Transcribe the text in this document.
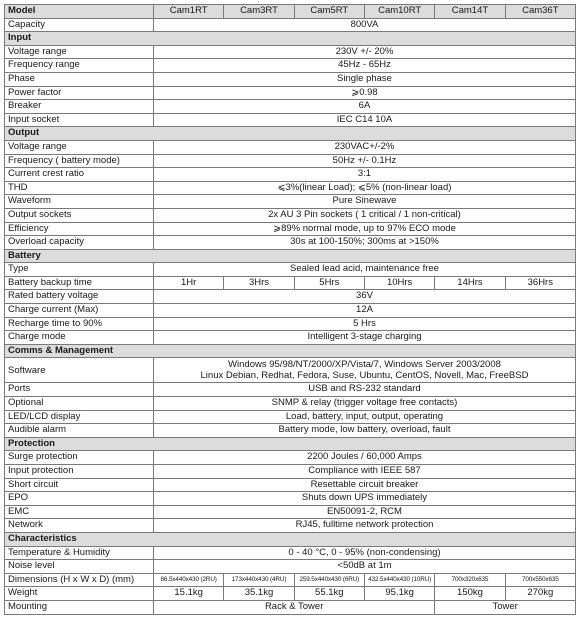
Model	Cam1RT	Cam3RT	Cam5RT	Cam10RT	Cam14T	Cam36T
Capacity	800VA					
Input						
Voltage range	230V +/- 20%					
Frequency range	45Hz - 65Hz					
Phase	Single phase					
Power factor	⩾0.98					
Breaker	6A					
Input socket	IEC C14 10A					
Output						
Voltage range	230VAC+/-2%					
Frequency ( battery mode)	50Hz +/- 0.1Hz					
Current crest ratio	3:1					
THD	⩽3%(linear Load); ⩽5% (non-linear load)					
Waveform	Pure Sinewave					
Output sockets	2x AU 3 Pin sockets ( 1 critical / 1 non-critical)					
Efficiency	⩾89% normal mode, up to 97% ECO mode					
Overload capacity	30s at 100-150%; 300ms at >150%					
Battery						
Type	Sealed lead acid, maintenance free					
Battery backup time	1Hr	3Hrs	5Hrs	10Hrs	14Hrs	36Hrs
Rated battery voltage	36V					
Charge current (Max)	12A					
Recharge time to 90%	5 Hrs					
Charge mode	Intelligent 3-stage charging					
Comms & Management						
Software	Windows 95/98/NT/2000/XP/Vista/7, Windows Server 2003/2008
Linux Debian, Redhat, Fedora, Suse, Ubuntu, CentOS, Novell, Mac, FreeBSD					

Ports	USB and RS-232 standard					
Optional	SNMP & relay (trigger voltage free contacts)					
LED/LCD display	Load, battery, input, output, operating					
Audible alarm	Battery mode, low battery, overload, fault					
Protection						
Surge protection	2200 Joules / 60,000 Amps					
Input protection	Compliance with IEEE 587					
Short circuit	Resettable circuit breaker					
EPO	Shuts down UPS immediately					
EMC	EN50091-2, RCM					
Network	RJ45, fulltime network protection					
Characteristics						
Temperature & Humidity	0 - 40 °C, 0 - 95% (non-condensing)					
Noise level	<50dB at 1m					
Dimensions (H x W x D) (mm)	86.5x440x430 (2RU)	173x440x430 (4RU)	259.5x440x430 (6RU)	432.5x440x430 (10RU)	700x320x635	700x550x635
Weight	15.1kg	35.1kg	55.1kg	95.1kg	150kg	270kg
Mounting	Rack & Tower				Tower	
